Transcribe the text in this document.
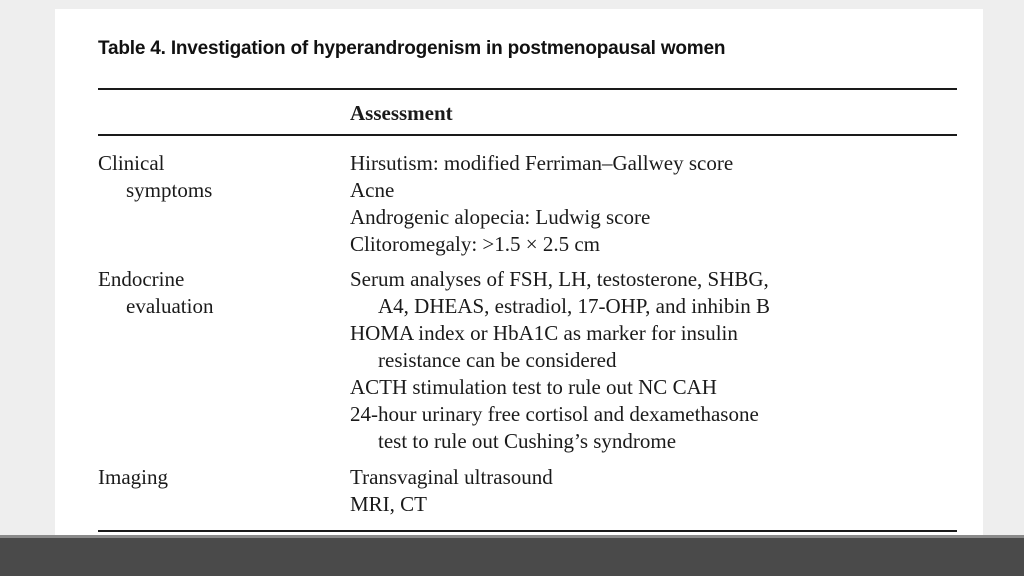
Table 4. Investigation of hyperandrogenism in postmenopausal women
Assessment
Clinical
symptoms
Hirsutism: modified Ferriman–Gallwey score
Acne
Androgenic alopecia: Ludwig score
Clitoromegaly: >1.5 × 2.5 cm
Endocrine
evaluation
Serum analyses of FSH, LH, testosterone, SHBG,
A4, DHEAS, estradiol, 17-OHP, and inhibin B
HOMA index or HbA1C as marker for insulin
resistance can be considered
ACTH stimulation test to rule out NC CAH
24-hour urinary free cortisol and dexamethasone
test to rule out Cushing’s syndrome
Imaging	Transvaginal ultrasound
MRI, CT
